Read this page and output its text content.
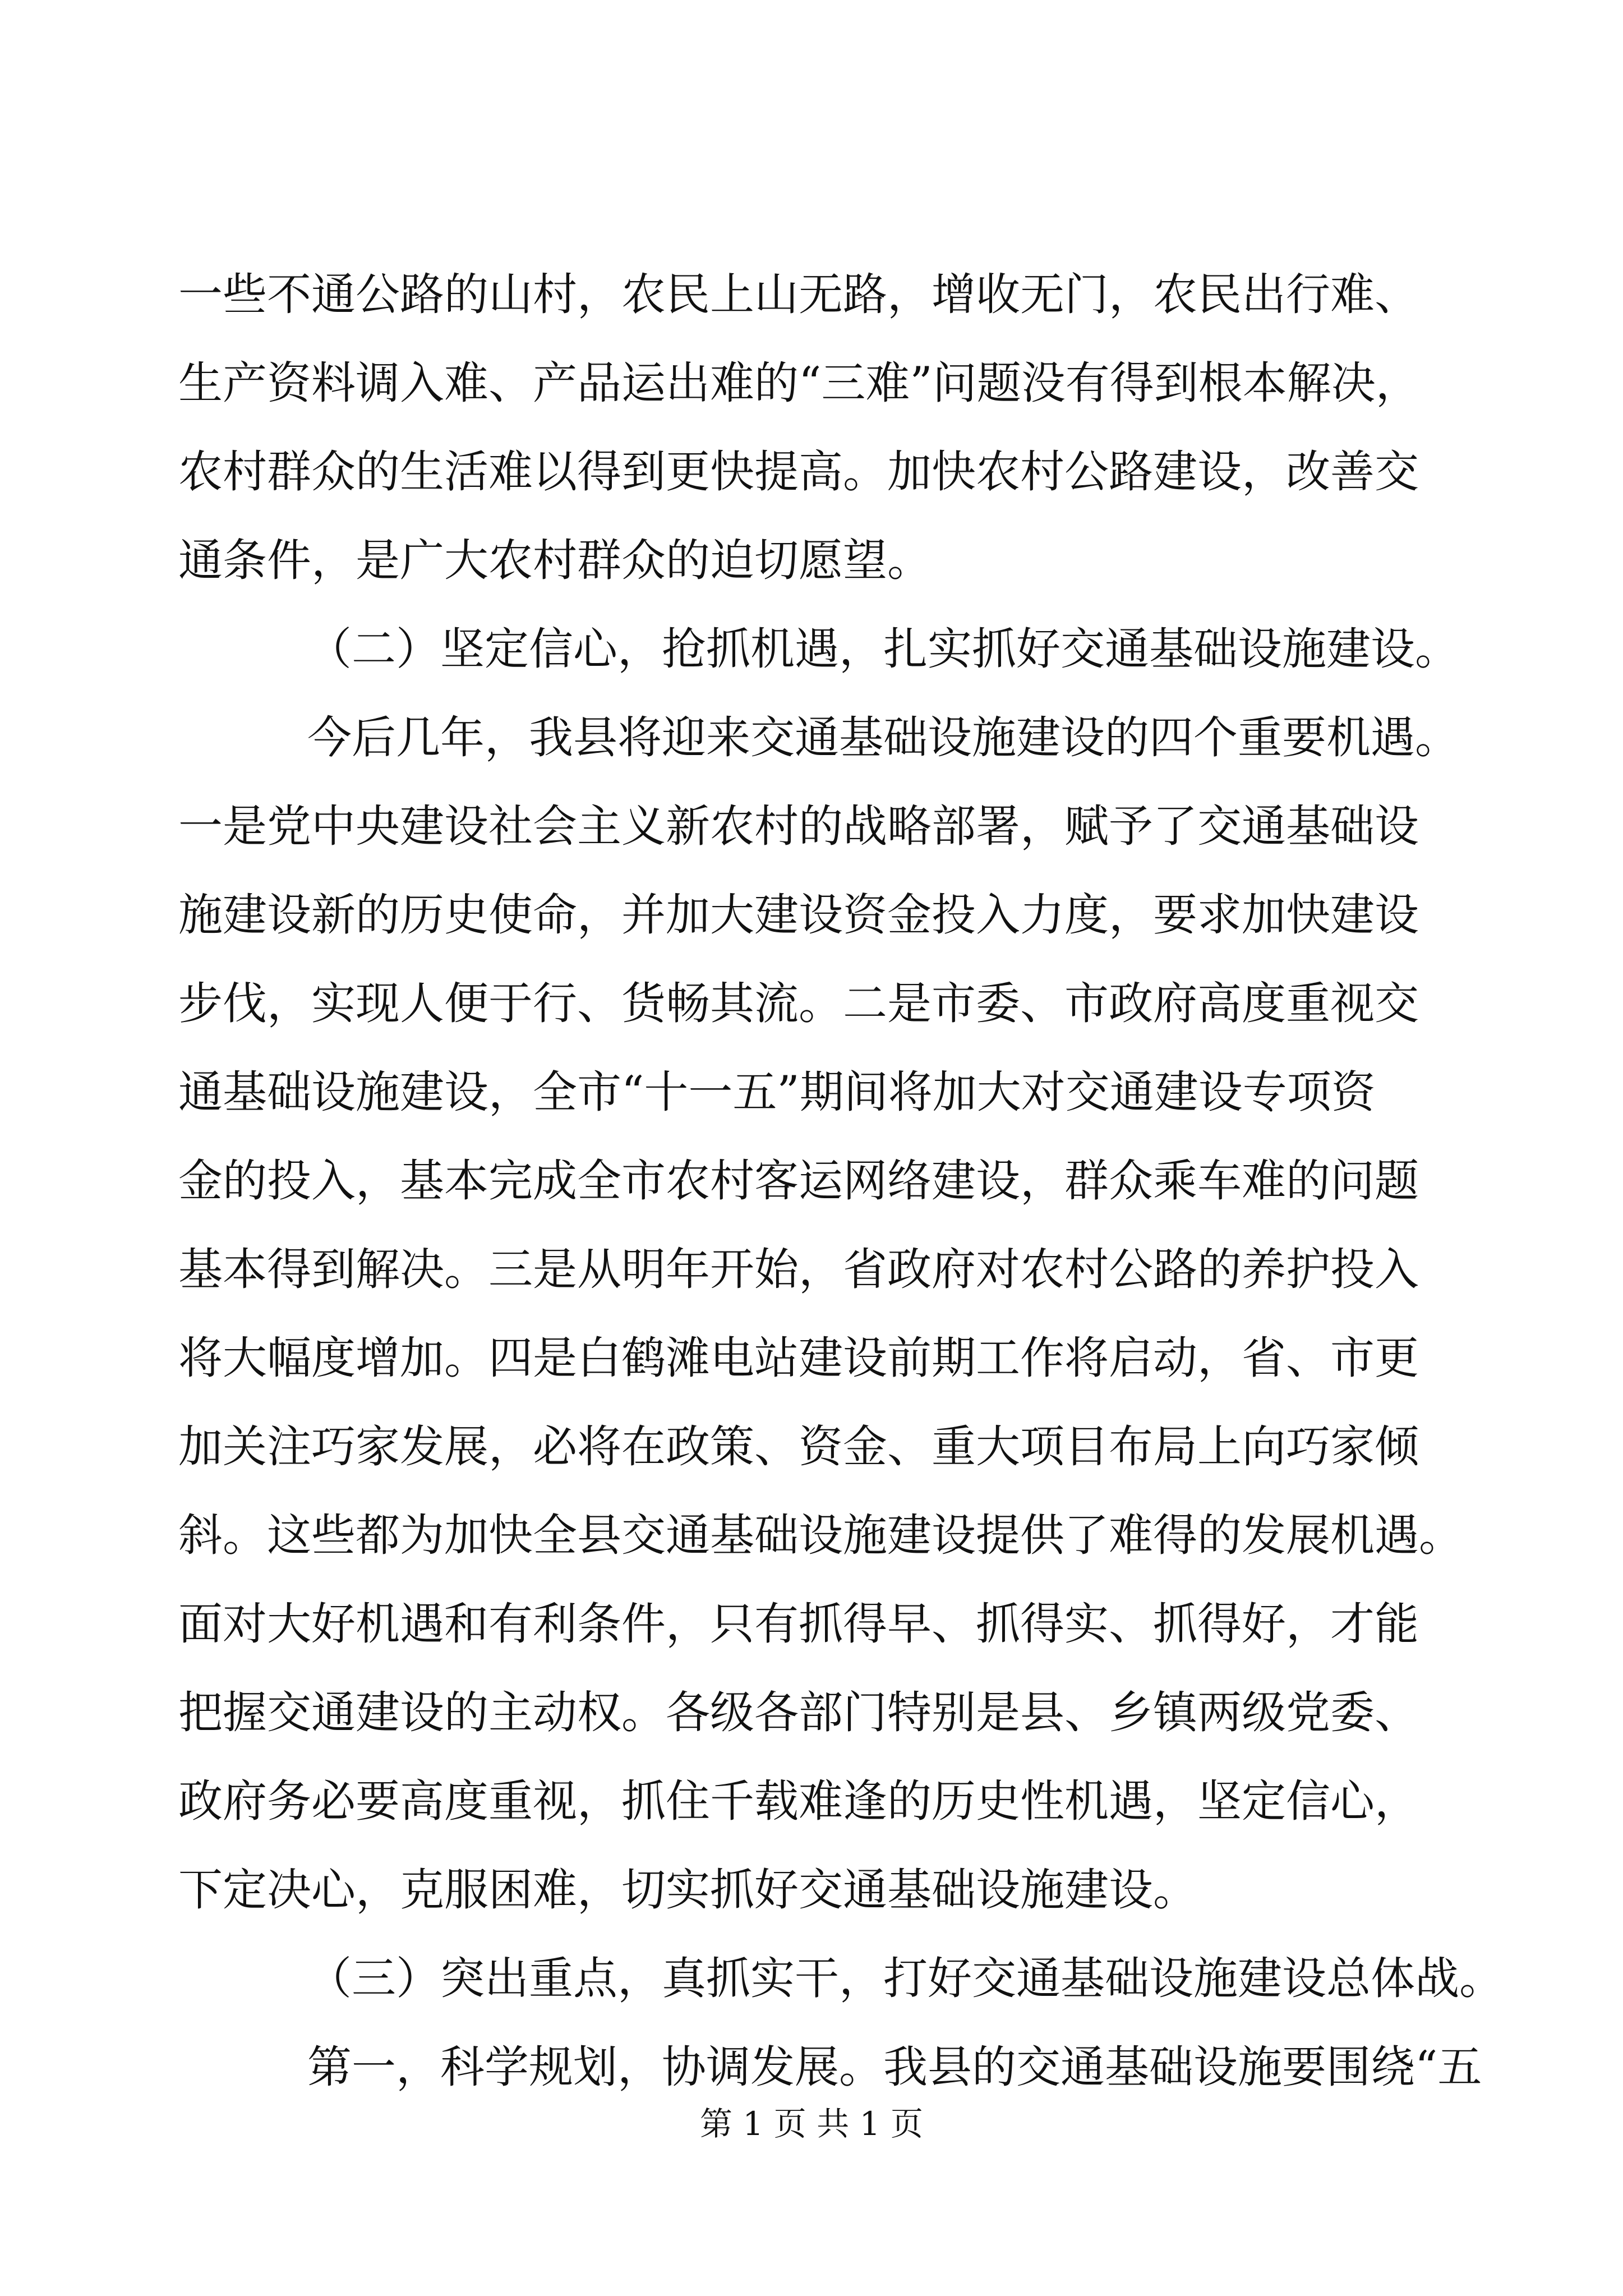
一些不通公路的山村，农民上山无路，增收无门，农民出行难、
生产资料调入难、产品运出难的“三难”问题没有得到根本解决，
农村群众的生活难以得到更快提高。加快农村公路建设，改善交
通条件，是广大农村群众的迫切愿望。
（二）坚定信心，抢抓机遇，扎实抓好交通基础设施建设。
今后几年，我县将迎来交通基础设施建设的四个重要机遇。
一是党中央建设社会主义新农村的战略部署，赋予了交通基础设
施建设新的历史使命，并加大建设资金投入力度，要求加快建设
步伐，实现人便于行、货畅其流。二是市委、市政府高度重视交
通基础设施建设，全市“十一五”期间将加大对交通建设专项资
金的投入，基本完成全市农村客运网络建设，群众乘车难的问题
基本得到解决。三是从明年开始，省政府对农村公路的养护投入
将大幅度增加。四是白鹤滩电站建设前期工作将启动，省、市更
加关注巧家发展，必将在政策、资金、重大项目布局上向巧家倾
斜。这些都为加快全县交通基础设施建设提供了难得的发展机遇。
面对大好机遇和有利条件，只有抓得早、抓得实、抓得好，才能
把握交通建设的主动权。各级各部门特别是县、乡镇两级党委、
政府务必要高度重视，抓住千载难逢的历史性机遇，坚定信心，
下定决心，克服困难，切实抓好交通基础设施建设。
（三）突出重点，真抓实干，打好交通基础设施建设总体战。
第一，科学规划，协调发展。我县的交通基础设施要围绕“五
第 1 页 共 1 页
